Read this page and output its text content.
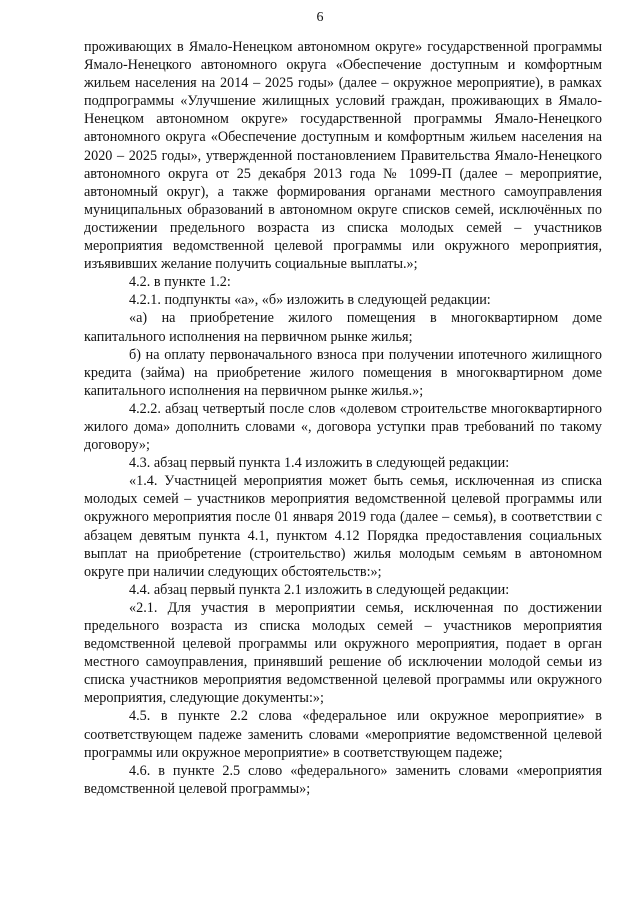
6

проживающих в Ямало-Ненецком автономном округе» государственной программы Ямало-Ненецкого автономного округа «Обеспечение доступным и комфортным жильем населения на 2014 – 2025 годы» (далее – окружное мероприятие), в рамках подпрограммы «Улучшение жилищных условий граждан, проживающих в Ямало-Ненецком автономном округе» государственной программы Ямало-Ненецкого автономного округа «Обеспечение доступным и комфортным жильем населения на 2020 – 2025 годы», утвержденной постановлением Правительства Ямало-Ненецкого автономного округа от 25 декабря 2013 года № 1099-П (далее – мероприятие, автономный округ), а также формирования органами местного самоуправления муниципальных образований в автономном округе списков семей, исключённых по достижении предельного возраста из списка молодых семей – участников мероприятия ведомственной целевой программы или окружного мероприятия, изъявивших желание получить социальные выплаты.»;

4.2. в пункте 1.2:

4.2.1. подпункты «а», «б» изложить в следующей редакции:

«а) на приобретение жилого помещения в многоквартирном доме капитального исполнения на первичном рынке жилья;

б) на оплату первоначального взноса при получении ипотечного жилищного кредита (займа) на приобретение жилого помещения в многоквартирном доме капитального исполнения на первичном рынке жилья.»;

4.2.2. абзац четвертый после слов «долевом строительстве многоквартирного жилого дома» дополнить словами «, договора уступки прав требований по такому договору»;

4.3. абзац первый пункта 1.4 изложить в следующей редакции:

«1.4. Участницей мероприятия может быть семья, исключенная из списка молодых семей – участников мероприятия ведомственной целевой программы или окружного мероприятия после 01 января 2019 года (далее – семья), в соответствии с абзацем девятым пункта 4.1, пунктом 4.12 Порядка предоставления социальных выплат на приобретение (строительство) жилья молодым семьям в автономном округе при наличии следующих обстоятельств:»;

4.4. абзац первый пункта 2.1 изложить в следующей редакции:

«2.1. Для участия в мероприятии семья, исключенная по достижении предельного возраста из списка молодых семей – участников мероприятия ведомственной целевой программы или окружного мероприятия, подает в орган местного самоуправления, принявший решение об исключении молодой семьи из списка участников мероприятия ведомственной целевой программы или окружного мероприятия, следующие документы:»;

4.5. в пункте 2.2 слова «федеральное или окружное мероприятие» в соответствующем падеже заменить словами «мероприятие ведомственной целевой программы или окружное мероприятие» в соответствующем падеже;

4.6. в пункте 2.5 слово «федерального» заменить словами «мероприятия ведомственной целевой программы»;
